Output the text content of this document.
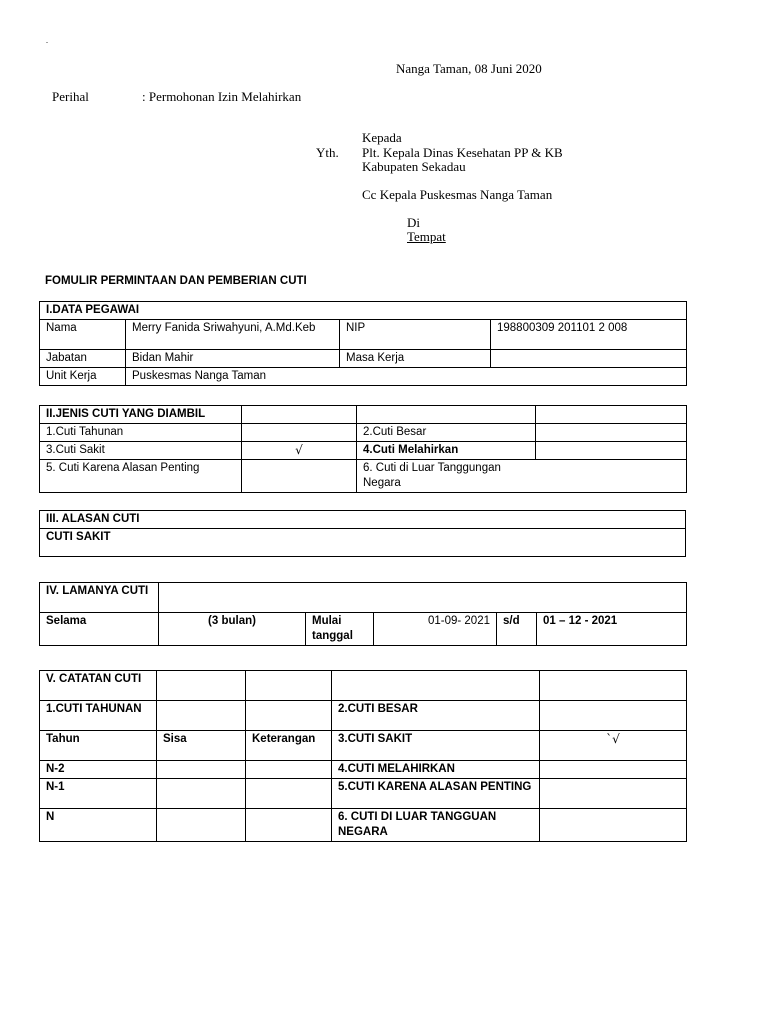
.
Nanga Taman, 08 Juni 2020
Perihal	: Permohonan Izin Melahirkan
Kepada
Yth. Plt. Kepala Dinas Kesehatan PP & KB
Kabupaten Sekadau
Cc Kepala Puskesmas Nanga Taman
Di
Tempat
FOMULIR PERMINTAAN DAN PEMBERIAN CUTI
I.DATA PEGAWAI			
Nama	Merry Fanida Sriwahyuni, A.Md.Keb	NIP	198800309 201101 2 008
Jabatan	Bidan Mahir	Masa Kerja	
Unit Kerja	Puskesmas Nanga Taman		
II.JENIS CUTI YANG DIAMBIL			
1.Cuti Tahunan		2.Cuti Besar	
3.Cuti Sakit	√	4.Cuti Melahirkan	
5. Cuti Karena Alasan Penting		6. Cuti di Luar Tanggungan Negara	
III. ALASAN CUTI
CUTI SAKIT
IV. LAMANYA CUTI					
Selama	(3 bulan)	Mulai tanggal	01-09- 2021	s/d	01 – 12 - 2021
V. CATATAN CUTI				
1.CUTI TAHUNAN			2.CUTI BESAR	
Tahun	Sisa	Keterangan	3.CUTI SAKIT	`√
N-2			4.CUTI MELAHIRKAN	
N-1			5.CUTI KARENA ALASAN PENTING	
N			6. CUTI DI LUAR TANGGUAN NEGARA	
